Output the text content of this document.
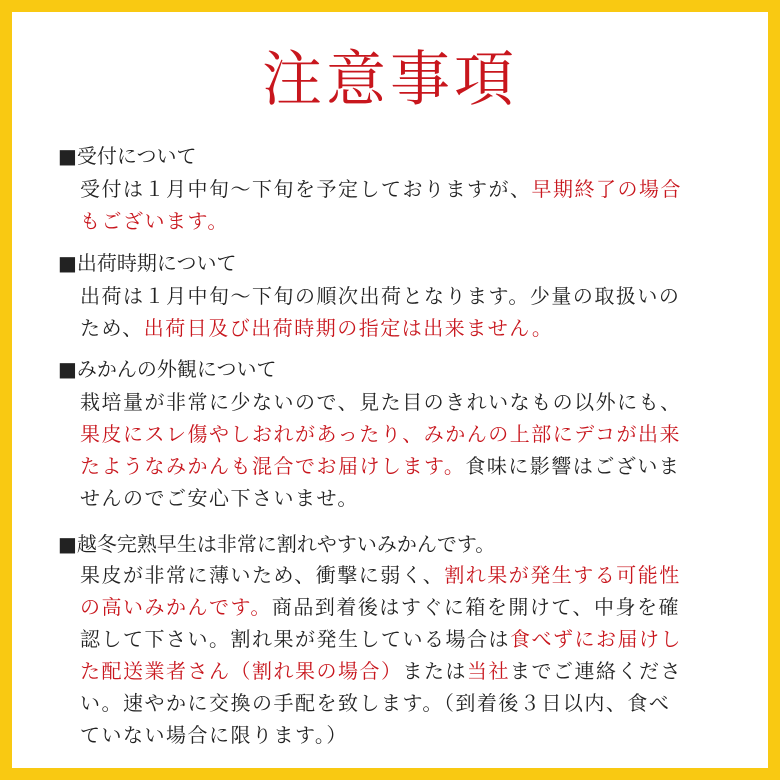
注意事項
■受付について
受付は１月中旬〜下旬を予定しておりますが、早期終了の場合
もございます。
■出荷時期について
出荷は１月中旬〜下旬の順次出荷となります。少量の取扱いの
ため、出荷日及び出荷時期の指定は出来ません。
■みかんの外観について
栽培量が非常に少ないので、見た目のきれいなもの以外にも、
果皮にスレ傷やしおれがあったり、みかんの上部にデコが出来
たようなみかんも混合でお届けします。食味に影響はございま
せんのでご安心下さいませ。
■越冬完熟早生は非常に割れやすいみかんです。
果皮が非常に薄いため、衝撃に弱く、割れ果が発生する可能性
の高いみかんです。商品到着後はすぐに箱を開けて、中身を確
認して下さい。割れ果が発生している場合は食べずにお届けし
た配送業者さん（割れ果の場合）または当社までご連絡くださ
い。速やかに交換の手配を致します。（到着後３日以内、食べ
ていない場合に限ります。）
